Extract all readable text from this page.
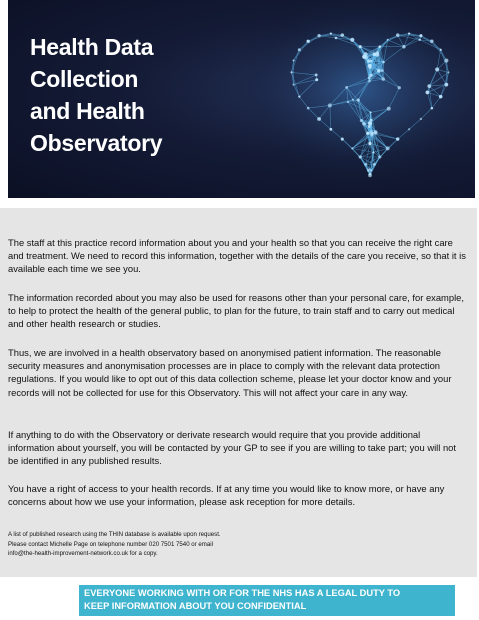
Health Data
Collection
and Health
Observatory

The staff at this practice record information about you and your health so that you can receive the right care and treatment. We need to record this information, together with the details of the care you receive, so that it is available each time we see you.

The information recorded about you may also be used for reasons other than your personal care, for example, to help to protect the health of the general public, to plan for the future, to train staff and to carry out medical and other health research or studies.

Thus, we are involved in a health observatory based on anonymised patient information. The reasonable security measures and anonymisation processes are in place to comply with the relevant data protection regulations. If you would like to opt out of this data collection scheme, please let your doctor know and your records will not be collected for use for this Observatory. This will not affect your care in any way.

If anything to do with the Observatory or derivate research would require that you provide additional information about yourself, you will be contacted by your GP to see if you are willing to take part; you will not be identified in any published results.

You have a right of access to your health records. If at any time you would like to know more, or have any concerns about how we use your information, please ask reception for more details.

A list of published research using the THIN database is available upon request.
Please contact Michelle Page on telephone number 020 7501 7540 or email
info@the-health-improvement-network.co.uk for a copy.
EVERYONE WORKING WITH OR FOR THE NHS HAS A LEGAL DUTY TO
KEEP INFORMATION ABOUT YOU CONFIDENTIAL
